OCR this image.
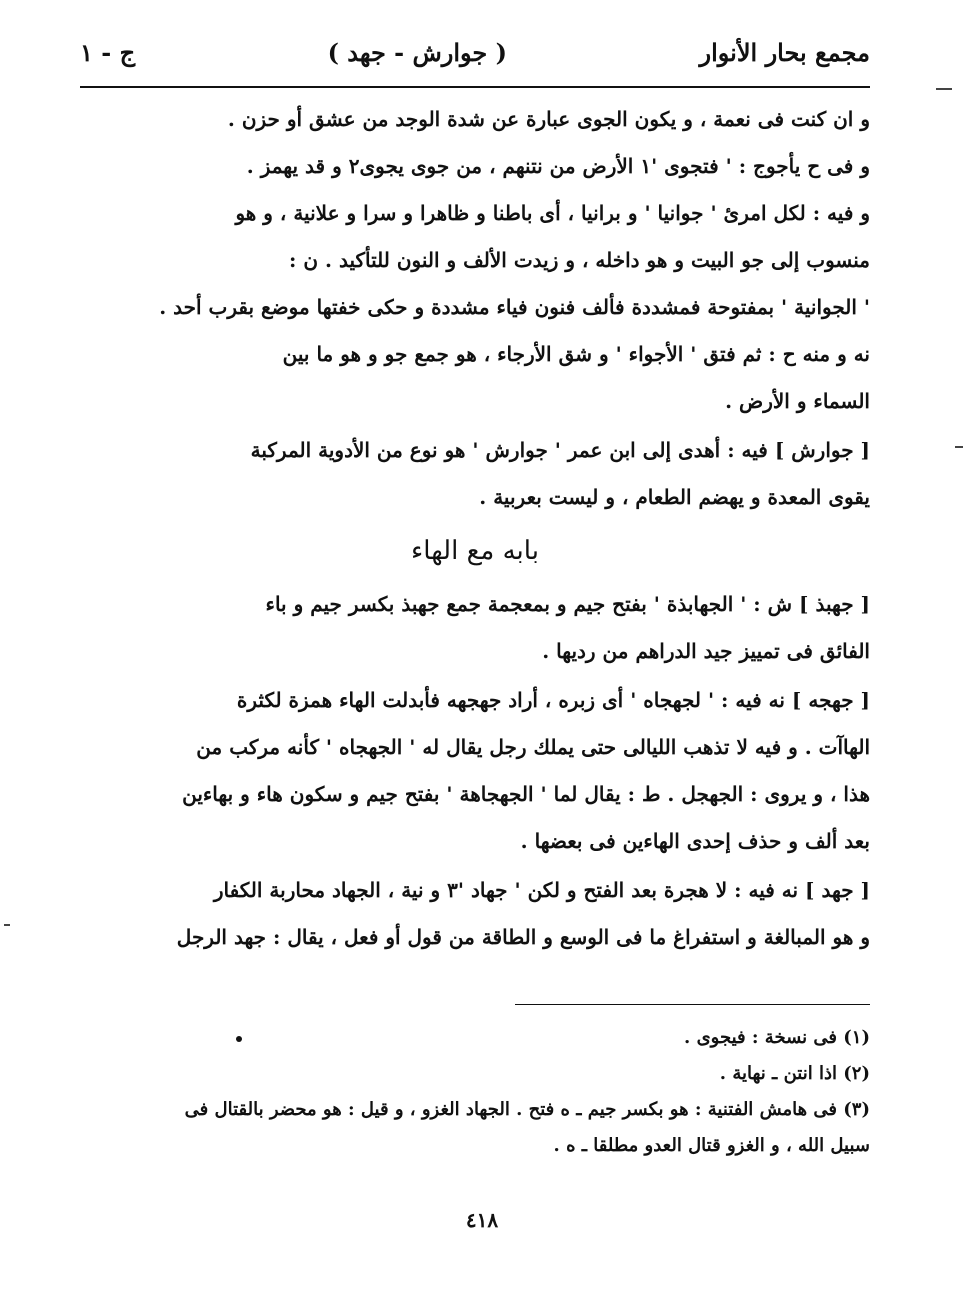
مجمع بحار الأنوار
( جوارش - جهد )
ج - ١
و ان كنت فى نعمة ، و يكون الجوى عبارة عن شدة الوجد من عشق أو حزن .
و فى ح يأجوج : ' فتجوى '١ الأرض من نتنهم ، من جوى يجوى٢ و قد يهمز .
و فيه : لكل امرئ ' جوانيا ' و برانيا ، أى باطنا و ظاهرا و سرا و علانية ، و هو
منسوب إلى جو البيت و هو داخله ، و زيدت الألف و النون للتأكيد . ن :
' الجوانية ' بمفتوحة فمشددة فألف فنون فياء مشددة و حكى خفتها موضع بقرب أحد .
نه و منه ح : ثم فتق ' الأجواء ' و شق الأرجاء ، هو جمع جو و هو ما بين
السماء و الأرض .
[ جوارش ] فيه : أهدى إلى ابن عمر ' جوارش ' هو نوع من الأدوية المركبة
يقوى المعدة و يهضم الطعام ، و ليست بعربية .
بابه مع الهاء
[ جهبذ ] ش : ' الجهابذة ' بفتح جيم و بمعجمة جمع جهبذ بكسر جيم و باء
الفائق فى تمييز جيد الدراهم من رديها .
[ جهجه ] نه فيه : ' لجهجاه ' أى زبره ، أراد جهجهه فأبدلت الهاء همزة لكثرة
الهاآت . و فيه لا تذهب الليالى حتى يملك رجل يقال له ' الجهجاه ' كأنه مركب من
هذا ، و يروى : الجهجل . ط : يقال لما ' الجهجاهة ' بفتح جيم و سكون هاء و بهاءين
بعد ألف و حذف إحدى الهاءين فى بعضها .
[ جهد ] نه فيه : لا هجرة بعد الفتح و لكن ' جهاد '٣ و نية ، الجهاد محاربة الكفار
و هو المبالغة و استفراغ ما فى الوسع و الطاقة من قول أو فعل ، يقال : جهد الرجل
(١) فى نسخة : فيجوى .
(٢) اذا انتن ـ نهاية .
(٣) فى هامش الفتنية : هو بكسر جيم ـ ه فتح . الجهاد الغزو ، و قيل : هو محضر بالقتال فى
سبيل الله ، و الغزو قتال العدو مطلقا ـ ه .
٤١٨
